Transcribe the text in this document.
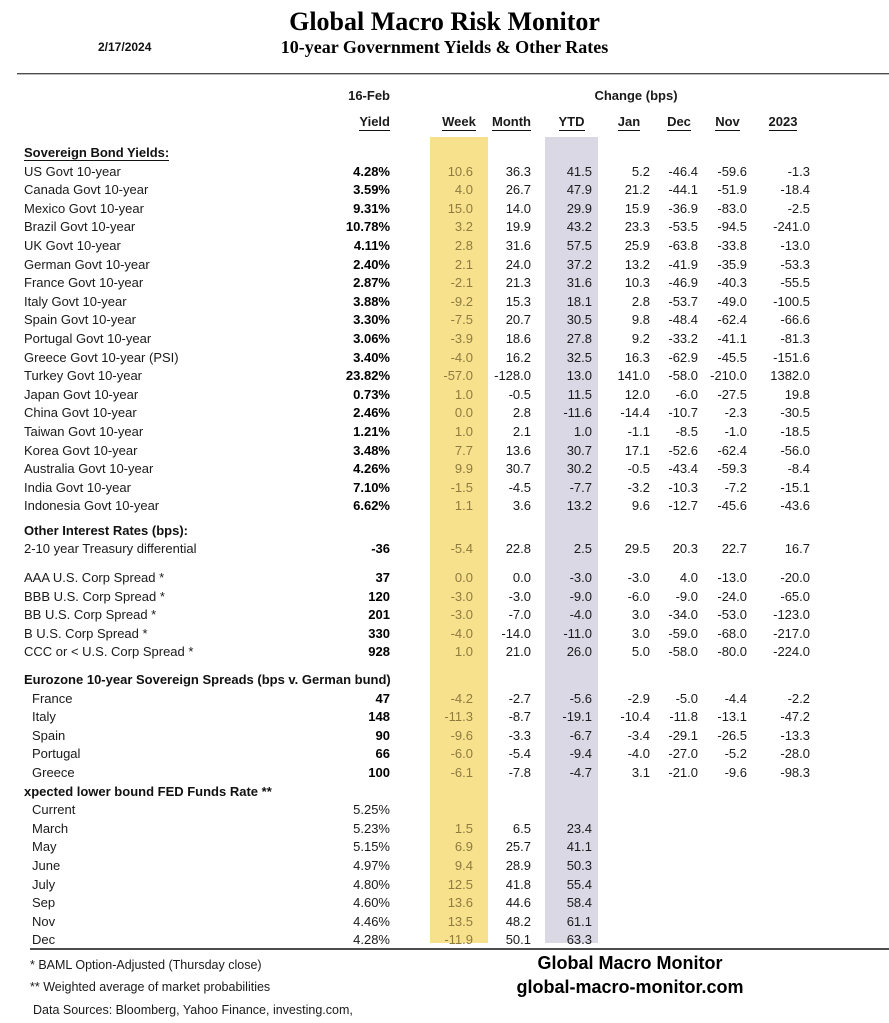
2/17/2024
Global Macro Risk Monitor
10-year Government Yields & Other Rates
16-Feb	Change (bps)
Yield	Week	Month	YTD	Jan	Dec	Nov	2023
Sovereign Bond Yields:
US Govt 10-year	4.28%	10.6	36.3	41.5	5.2	-46.4	-59.6	-1.3
Canada Govt 10-year	3.59%	4.0	26.7	47.9	21.2	-44.1	-51.9	-18.4
Mexico Govt 10-year	9.31%	15.0	14.0	29.9	15.9	-36.9	-83.0	-2.5
Brazil Govt 10-year	10.78%	3.2	19.9	43.2	23.3	-53.5	-94.5	-241.0
UK Govt 10-year	4.11%	2.8	31.6	57.5	25.9	-63.8	-33.8	-13.0
German Govt 10-year	2.40%	2.1	24.0	37.2	13.2	-41.9	-35.9	-53.3
France Govt 10-year	2.87%	-2.1	21.3	31.6	10.3	-46.9	-40.3	-55.5
Italy Govt 10-year	3.88%	-9.2	15.3	18.1	2.8	-53.7	-49.0	-100.5
Spain Govt 10-year	3.30%	-7.5	20.7	30.5	9.8	-48.4	-62.4	-66.6
Portugal Govt 10-year	3.06%	-3.9	18.6	27.8	9.2	-33.2	-41.1	-81.3
Greece Govt 10-year (PSI)	3.40%	-4.0	16.2	32.5	16.3	-62.9	-45.5	-151.6
Turkey Govt 10-year	23.82%	-57.0	-128.0	13.0	141.0	-58.0 -210.0	1382.0
Japan Govt 10-year	0.73%	1.0	-0.5	11.5	12.0	-6.0	-27.5	19.8
China Govt 10-year	2.46%	0.0	2.8	-11.6	-14.4	-10.7	-2.3	-30.5
Taiwan Govt 10-year	1.21%	1.0	2.1	1.0	-1.1	-8.5	-1.0	-18.5
Korea Govt 10-year	3.48%	7.7	13.6	30.7	17.1	-52.6	-62.4	-56.0
Australia Govt 10-year	4.26%	9.9	30.7	30.2	-0.5	-43.4	-59.3	-8.4
India Govt 10-year	7.10%	-1.5	-4.5	-7.7	-3.2	-10.3	-7.2	-15.1
Indonesia Govt 10-year	6.62%	1.1	3.6	13.2	9.6	-12.7	-45.6	-43.6
Other Interest Rates (bps):
2-10 year Treasury differential	-36	-5.4	22.8	2.5	29.5	20.3	22.7	16.7
AAA U.S. Corp Spread *	37	0.0	0.0	-3.0	-3.0	4.0	-13.0	-20.0
BBB U.S. Corp Spread *	120	-3.0	-3.0	-9.0	-6.0	-9.0	-24.0	-65.0
BB U.S. Corp Spread *	201	-3.0	-7.0	-4.0	3.0	-34.0	-53.0	-123.0
B U.S. Corp Spread *	330	-4.0	-14.0	-11.0	3.0	-59.0	-68.0	-217.0
CCC or < U.S. Corp Spread *	928	1.0	21.0	26.0	5.0	-58.0	-80.0	-224.0
Eurozone 10-year Sovereign Spreads (bps v. German bund)
France	47	-4.2	-2.7	-5.6	-2.9	-5.0	-4.4	-2.2
Italy	148	-11.3	-8.7	-19.1	-10.4	-11.8	-13.1	-47.2
Spain	90	-9.6	-3.3	-6.7	-3.4	-29.1	-26.5	-13.3
Portugal	66	-6.0	-5.4	-9.4	-4.0	-27.0	-5.2	-28.0
Greece	100	-6.1	-7.8	-4.7	3.1	-21.0	-9.6	-98.3
xpected lower bound FED Funds Rate **
Current	5.25%
March	5.23%	1.5	6.5	23.4
May	5.15%	6.9	25.7	41.1
June	4.97%	9.4	28.9	50.3
July	4.80%	12.5	41.8	55.4
Sep	4.60%	13.6	44.6	58.4
Nov	4.46%	13.5	48.2	61.1
Dec	4.28%	-11.9	50.1	63.3
* BAML Option-Adjusted (Thursday close)
** Weighted average of market probabilities
Data Sources: Bloomberg, Yahoo Finance, investing.com,
Global Macro Monitor
global-macro-monitor.com
